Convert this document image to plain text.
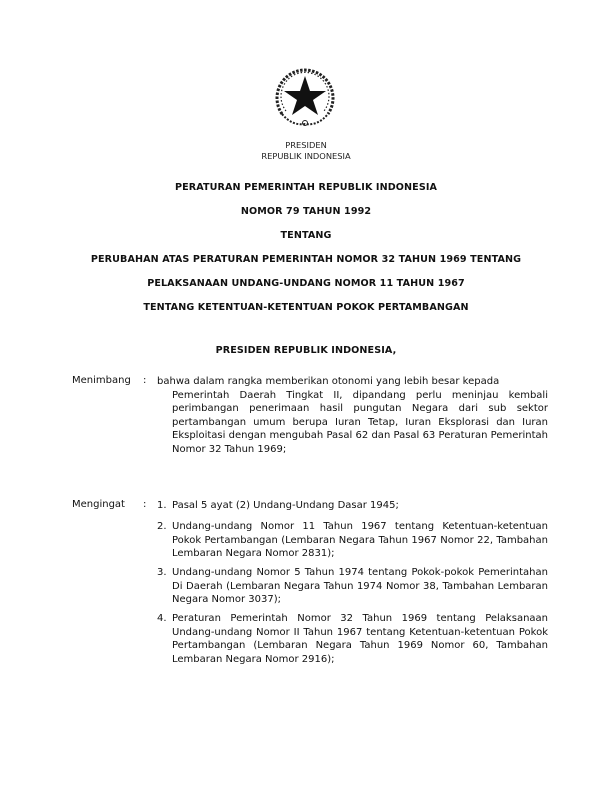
PRESIDEN
REPUBLIK INDONESIA
PERATURAN PEMERINTAH REPUBLIK INDONESIA
NOMOR 79 TAHUN 1992
TENTANG
PERUBAHAN ATAS PERATURAN PEMERINTAH NOMOR 32 TAHUN 1969 TENTANG
PELAKSANAAN UNDANG-UNDANG NOMOR 11 TAHUN 1967
TENTANG KETENTUAN-KETENTUAN POKOK PERTAMBANGAN
PRESIDEN REPUBLIK INDONESIA,
Menimbang : bahwa dalam rangka memberikan otonomi yang lebih besar kepada
Pemerintah Daerah Tingkat II, dipandang perlu meninjau kembali perimbangan penerimaan hasil pungutan Negara dari sub sektor pertambangan umum berupa Iuran Tetap, Iuran Eksplorasi dan Iuran Eksploitasi dengan mengubah Pasal 62 dan Pasal 63 Peraturan Pemerintah Nomor 32 Tahun 1969;
Mengingat : 1. Pasal 5 ayat (2) Undang-Undang Dasar 1945;
2. Undang-undang Nomor 11 Tahun 1967 tentang Ketentuan-ketentuan Pokok Pertambangan (Lembaran Negara Tahun 1967 Nomor 22, Tambahan Lembaran Negara Nomor 2831);
3. Undang-undang Nomor 5 Tahun 1974 tentang Pokok-pokok Pemerintahan Di Daerah (Lembaran Negara Tahun 1974 Nomor 38, Tambahan Lembaran Negara Nomor 3037);
4. Peraturan Pemerintah Nomor 32 Tahun 1969 tentang Pelaksanaan Undang-undang Nomor II Tahun 1967 tentang Ketentuan-ketentuan Pokok Pertambangan (Lembaran Negara Tahun 1969 Nomor 60, Tambahan Lembaran Negara Nomor 2916);
